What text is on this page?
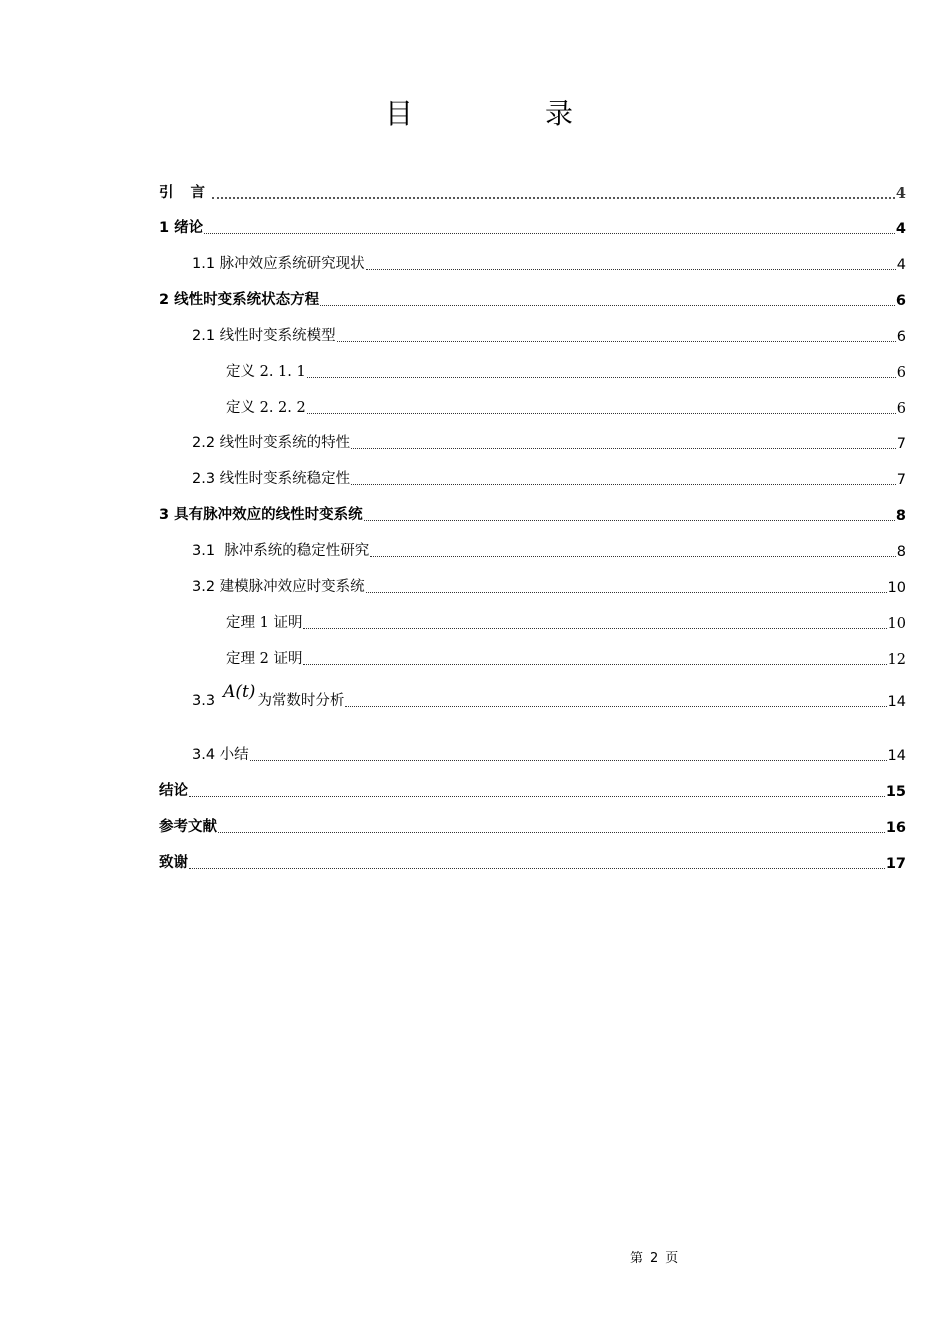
目　录
引 言	4
1 绪论	4
1.1 脉冲效应系统研究现状	4
2 线性时变系统状态方程	6
2.1 线性时变系统模型	6
定义 2. 1. 1	6
定义 2. 2. 2	6
2.2 线性时变系统的特性	7
2.3 线性时变系统稳定性	7
3 具有脉冲效应的线性时变系统	8
3.1  脉冲系统的稳定性研究	8
3.2 建模脉冲效应时变系统	10
定理 1 证明	10
定理 2 证明	12
3.3 A(t) 为常数时分析	14
3.4 小结	14
结论	15
参考文献	16
致谢	17
第 2 页
